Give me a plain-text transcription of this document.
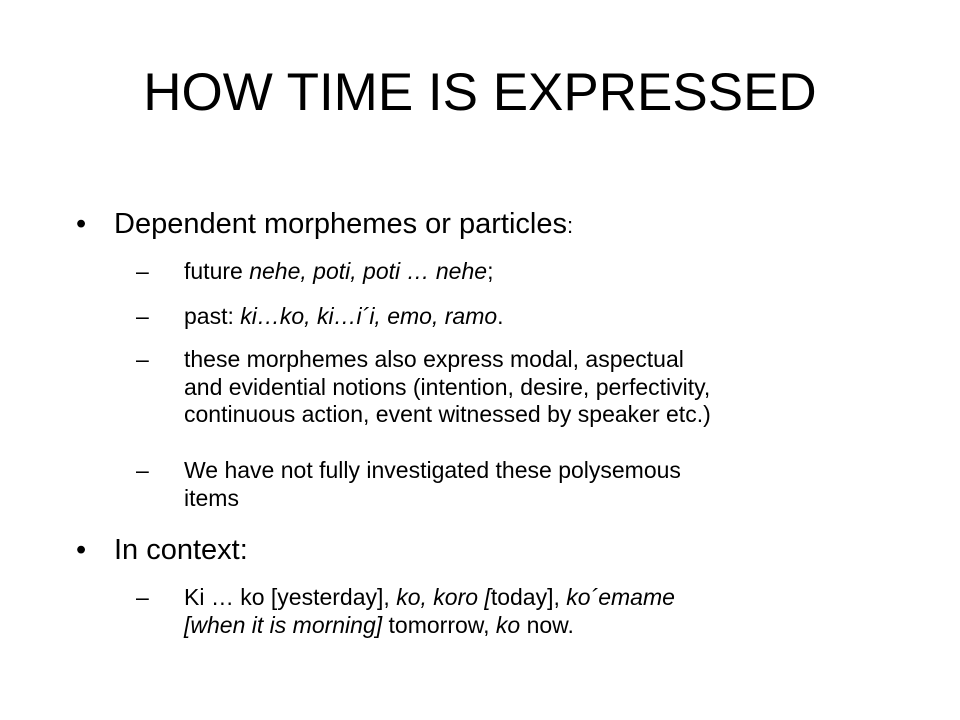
HOW TIME IS EXPRESSED
• Dependent morphemes or particles:
– future nehe, poti, poti … nehe;
– past: ki…ko, ki…i´i, emo, ramo.
– these morphemes also express modal, aspectual
and evidential notions (intention, desire, perfectivity,
continuous action, event witnessed by speaker etc.)
– We have not fully investigated these polysemous
items
• In context:
– Ki … ko [yesterday], ko, koro [today], ko´emame
[when it is morning] tomorrow, ko now.
